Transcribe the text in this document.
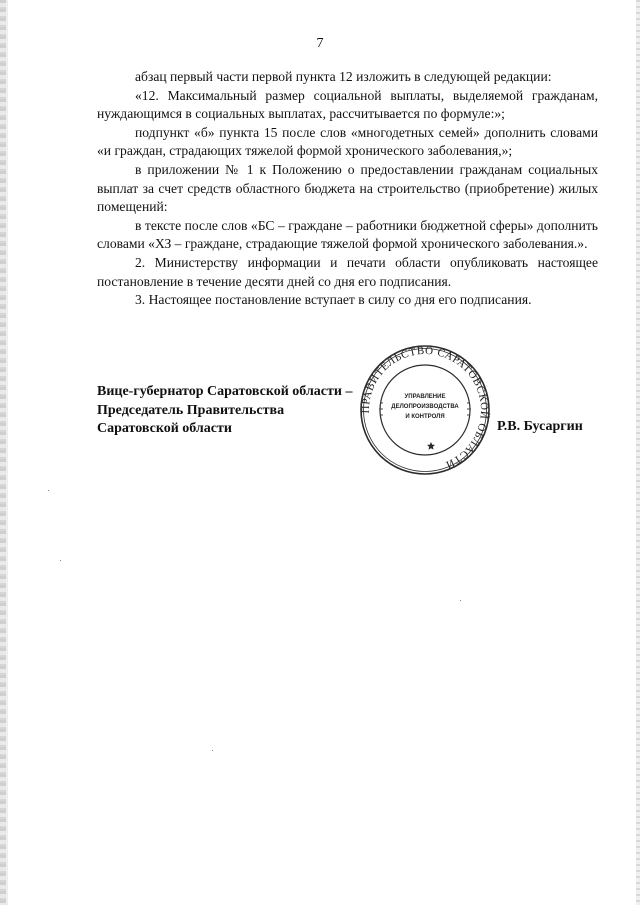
7

абзац первый части первой пункта 12 изложить в следующей редакции:

«12. Максимальный размер социальной выплаты, выделяемой гражданам, нуждающимся в социальных выплатах, рассчитывается по формуле:»;

подпункт «б» пункта 15 после слов «многодетных семей» дополнить словами «и граждан, страдающих тяжелой формой хронического заболевания,»;

в приложении № 1 к Положению о предоставлении гражданам социальных выплат за счет средств областного бюджета на строительство (приобретение) жилых помещений:

в тексте после слов «БС – граждане – работники бюджетной сферы» дополнить словами «ХЗ – граждане, страдающие тяжелой формой хронического заболевания.».

2. Министерству информации и печати области опубликовать настоящее постановление в течение десяти дней со дня его подписания.

3. Настоящее постановление вступает в силу со дня его подписания.

Вице-губернатор Саратовской области –
Председатель Правительства
Саратовской области	Р.В. Бусаргин
ПРАВИТЕЛЬСТВО САРАТОВСКОЙ ОБЛАСТИ
УПРАВЛЕНИЕ
ДЕЛОПРОИЗВОДСТВА
И КОНТРОЛЯ
